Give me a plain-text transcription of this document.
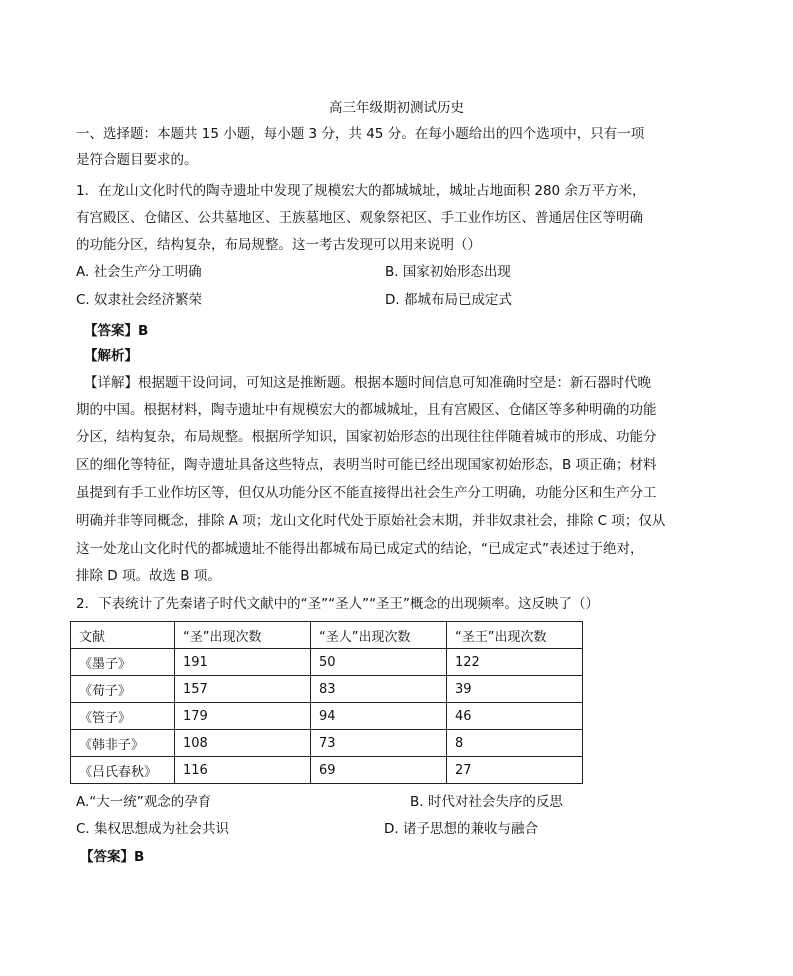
高三年级期初测试历史
一、选择题：本题共 15 小题，每小题 3 分，共 45 分。在每小题给出的四个选项中，只有一项
是符合题目要求的。
1．在龙山文化时代的陶寺遗址中发现了规模宏大的都城城址，城址占地面积 280 余万平方米，
有宫殿区、仓储区、公共墓地区、王族墓地区、观象祭祀区、手工业作坊区、普通居住区等明确
的功能分区，结构复杂，布局规整。这一考古发现可以用来说明（）
A. 社会生产分工明确	B. 国家初始形态出现
C. 奴隶社会经济繁荣	D. 都城布局已成定式
【答案】B
【解析】
【详解】根据题干设问词，可知这是推断题。根据本题时间信息可知准确时空是：新石器时代晚
期的中国。根据材料，陶寺遗址中有规模宏大的都城城址，且有宫殿区、仓储区等多种明确的功能
分区，结构复杂，布局规整。根据所学知识，国家初始形态的出现往往伴随着城市的形成、功能分
区的细化等特征，陶寺遗址具备这些特点，表明当时可能已经出现国家初始形态，B 项正确；材料
虽提到有手工业作坊区等，但仅从功能分区不能直接得出社会生产分工明确，功能分区和生产分工
明确并非等同概念，排除 A 项；龙山文化时代处于原始社会末期，并非奴隶社会，排除 C 项；仅从
这一处龙山文化时代的都城遗址不能得出都城布局已成定式的结论，“已成定式”表述过于绝对，
排除 D 项。故选 B 项。
2．下表统计了先秦诸子时代文献中的“圣”“圣人”“圣王”概念的出现频率。这反映了（）
文献	“圣”出现次数	“圣人”出现次数	“圣王”出现次数
《墨子》	191	50	122
《荀子》	157	83	39
《管子》	179	94	46
《韩非子》	108	73	8
《吕氏春秋》	116	69	27
A.“大一统”观念的孕育	B. 时代对社会失序的反思
C. 集权思想成为社会共识	D. 诸子思想的兼收与融合
【答案】B
